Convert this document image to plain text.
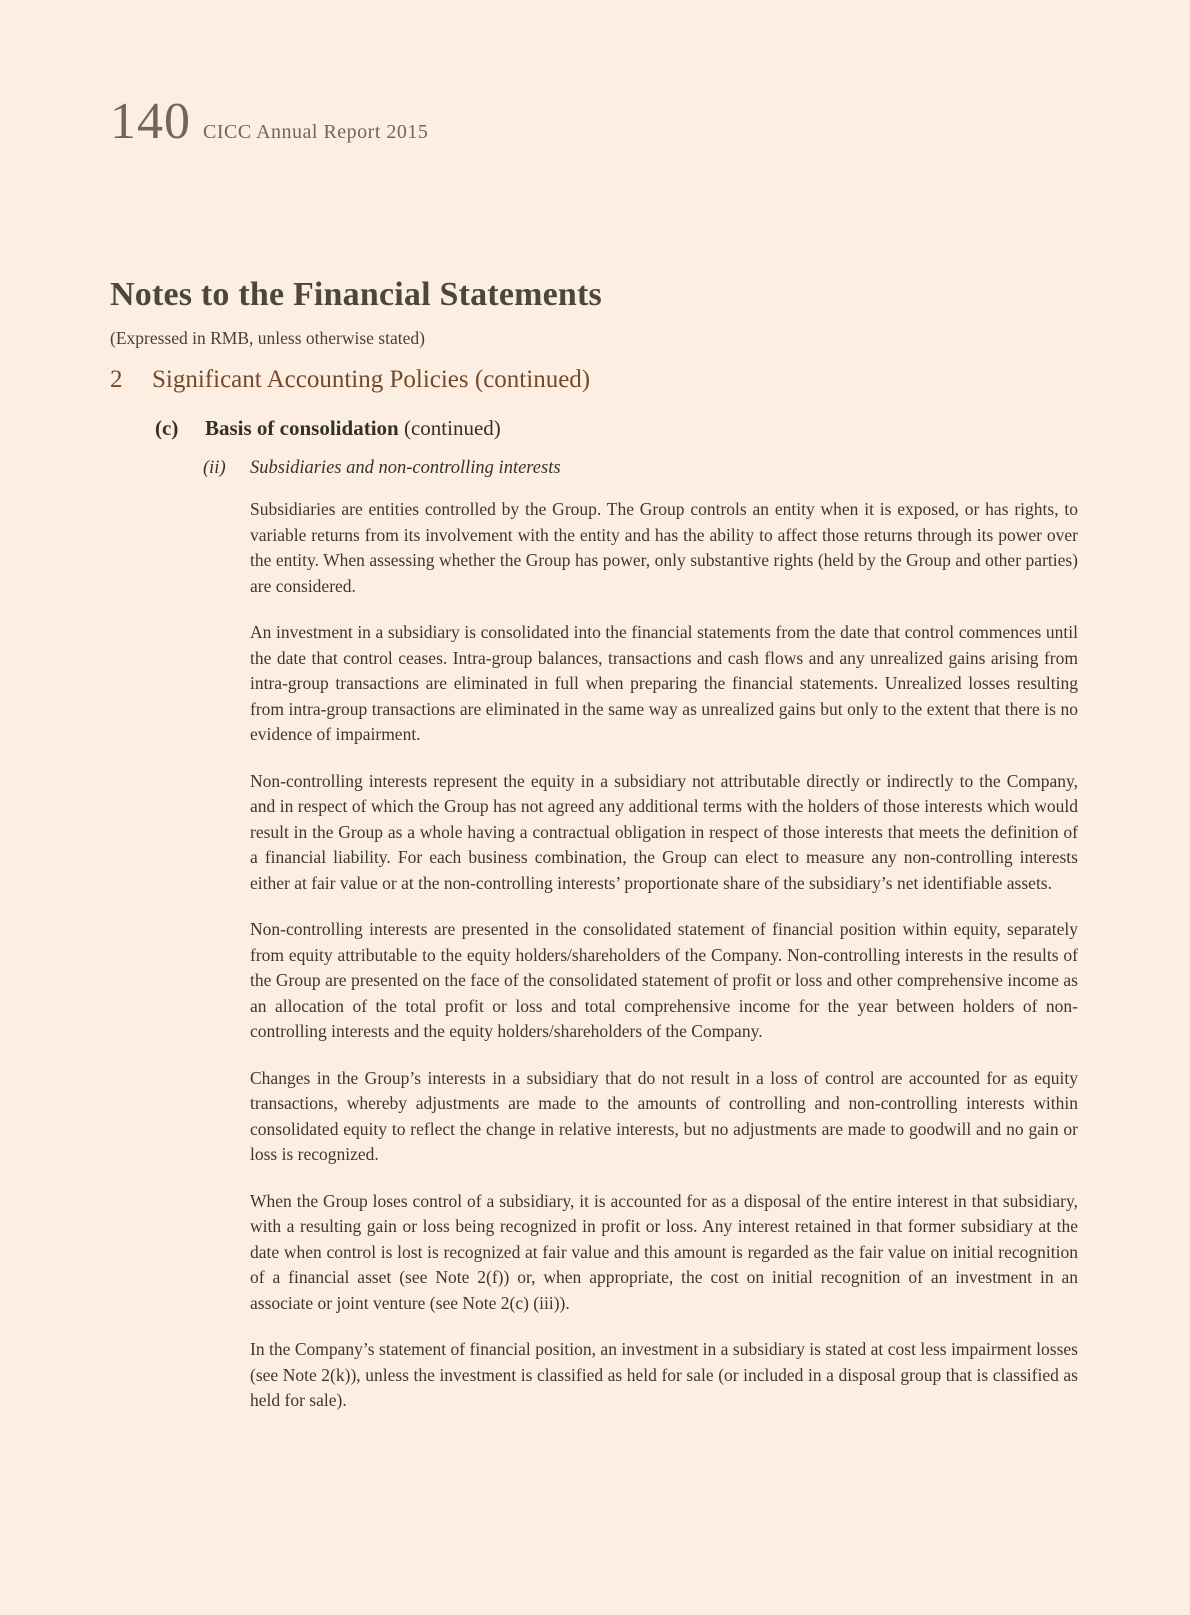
140 CICC Annual Report 2015
Notes to the Financial Statements
(Expressed in RMB, unless otherwise stated)
2	Significant Accounting Policies (continued)
(c)	Basis of consolidation (continued)
(ii)	Subsidiaries and non-controlling interests

Subsidiaries are entities controlled by the Group. The Group controls an entity when it is exposed, or has rights, to variable returns from its involvement with the entity and has the ability to affect those returns through its power over the entity. When assessing whether the Group has power, only substantive rights (held by the Group and other parties) are considered.

An investment in a subsidiary is consolidated into the financial statements from the date that control commences until the date that control ceases. Intra-group balances, transactions and cash flows and any unrealized gains arising from intra-group transactions are eliminated in full when preparing the financial statements. Unrealized losses resulting from intra-group transactions are eliminated in the same way as unrealized gains but only to the extent that there is no evidence of impairment.

Non-controlling interests represent the equity in a subsidiary not attributable directly or indirectly to the Company, and in respect of which the Group has not agreed any additional terms with the holders of those interests which would result in the Group as a whole having a contractual obligation in respect of those interests that meets the definition of a financial liability. For each business combination, the Group can elect to measure any non-controlling interests either at fair value or at the non-controlling interests’ proportionate share of the subsidiary’s net identifiable assets.

Non-controlling interests are presented in the consolidated statement of financial position within equity, separately from equity attributable to the equity holders/shareholders of the Company. Non-controlling interests in the results of the Group are presented on the face of the consolidated statement of profit or loss and other comprehensive income as an allocation of the total profit or loss and total comprehensive income for the year between holders of non-controlling interests and the equity holders/shareholders of the Company.

Changes in the Group’s interests in a subsidiary that do not result in a loss of control are accounted for as equity transactions, whereby adjustments are made to the amounts of controlling and non-controlling interests within consolidated equity to reflect the change in relative interests, but no adjustments are made to goodwill and no gain or loss is recognized.

When the Group loses control of a subsidiary, it is accounted for as a disposal of the entire interest in that subsidiary, with a resulting gain or loss being recognized in profit or loss. Any interest retained in that former subsidiary at the date when control is lost is recognized at fair value and this amount is regarded as the fair value on initial recognition of a financial asset (see Note 2(f)) or, when appropriate, the cost on initial recognition of an investment in an associate or joint venture (see Note 2(c) (iii)).

In the Company’s statement of financial position, an investment in a subsidiary is stated at cost less impairment losses (see Note 2(k)), unless the investment is classified as held for sale (or included in a disposal group that is classified as held for sale).
